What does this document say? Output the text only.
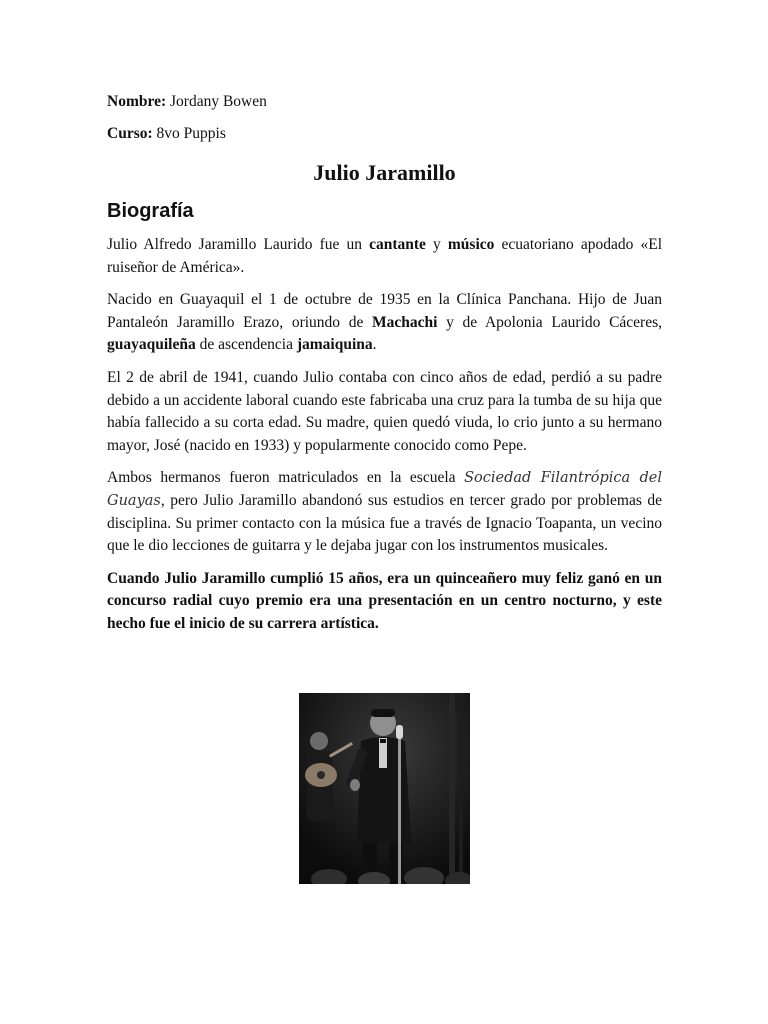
Nombre: Jordany Bowen
Curso: 8vo Puppis
Julio Jaramillo
Biografía

Julio Alfredo Jaramillo Laurido fue un cantante y músico ecuatoriano apodado «El ruiseñor de América».

Nacido en Guayaquil el 1 de octubre de 1935 en la Clínica Panchana. Hijo de Juan Pantaleón Jaramillo Erazo, oriundo de Machachi y de Apolonia Laurido Cáceres, guayaquileña de ascendencia jamaiquina.

El 2 de abril de 1941, cuando Julio contaba con cinco años de edad, perdió a su padre debido a un accidente laboral cuando este fabricaba una cruz para la tumba de su hija que había fallecido a su corta edad. Su madre, quien quedó viuda, lo crio junto a su hermano mayor, José (nacido en 1933) y popularmente conocido como Pepe.

Ambos hermanos fueron matriculados en la escuela Sociedad Filantrópica del Guayas, pero Julio Jaramillo abandonó sus estudios en tercer grado por problemas de disciplina. Su primer contacto con la música fue a través de Ignacio Toapanta, un vecino que le dio lecciones de guitarra y le dejaba jugar con los instrumentos musicales.

Cuando Julio Jaramillo cumplió 15 años, era un quinceañero muy feliz ganó en un concurso radial cuyo premio era una presentación en un centro nocturno, y este hecho fue el inicio de su carrera artística.
